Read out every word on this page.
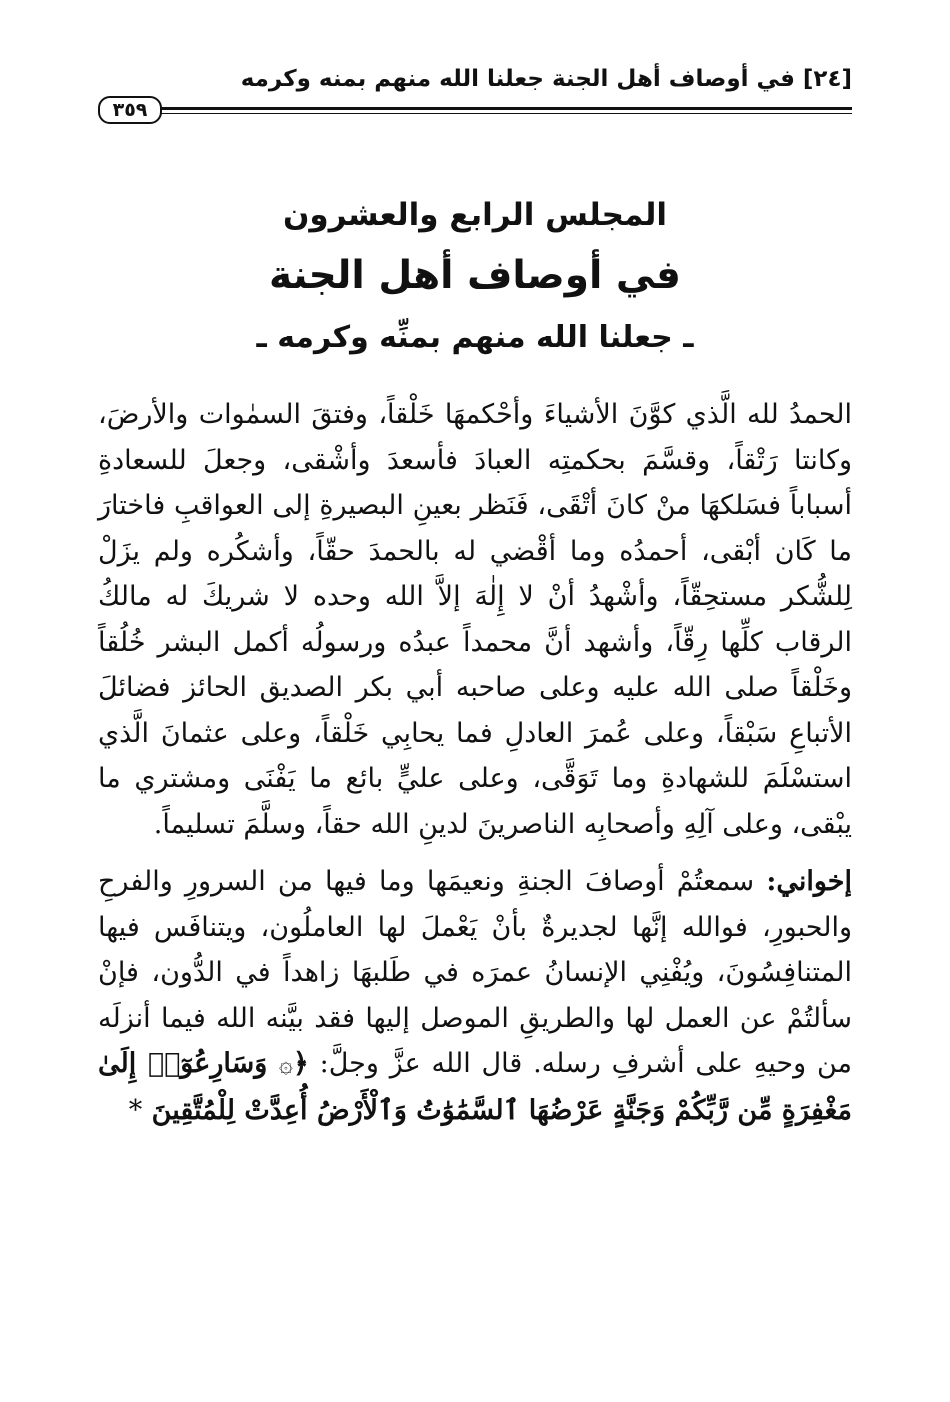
[٢٤] في أوصاف أهل الجنة جعلنا الله منهم بمنه وكرمه
٣٥٩
المجلس الرابع والعشرون
في أوصاف أهل الجنة
ـ جعلنا الله منهم بمنِّه وكرمه ـ

الحمدُ لله الَّذي كوَّنَ الأشياءَ وأحْكمهَا خَلْقاً، وفتقَ السمٰوات والأرضَ، وكانتا رَتْقاً، وقسَّمَ بحكمتِه العبادَ فأسعدَ وأشْقى، وجعلَ للسعادةِ أسباباً فسَلكهَا منْ كانَ أتْقَى، فَنَظر بعينِ البصيرةِ إلى العواقبِ فاختارَ ما كَان أبْقى، أحمدُه وما أقْضي له بالحمدَ حقّاً، وأشكُره ولم يزَلْ لِلشُّكر مستحِقّاً، وأشْهدُ أنْ لا إِلٰهَ إلاَّ الله وحده لا شريكَ له مالكُ الرقاب كلِّها رِقّاً، وأشهد أنَّ محمداً عبدُه ورسولُه أكمل البشر خُلُقاً وخَلْقاً صلى الله عليه وعلى صاحبه أبي بكر الصديق الحائز فضائلَ الأتباعِ سَبْقاً، وعلى عُمرَ العادلِ فما يحابِي خَلْقاً، وعلى عثمانَ الَّذي استسْلَمَ للشهادةِ وما تَوَقَّى، وعلى عليٍّ بائع ما يَفْنَى ومشتري ما يبْقى، وعلى آلِهِ وأصحابِه الناصرينَ لدينِ الله حقاً، وسلَّمَ تسليماً.

إخواني: سمعتُمْ أوصافَ الجنةِ ونعيمَها وما فيها من السرورِ والفرحِ والحبورِ، فوالله إنَّها لجديرةٌ بأنْ يَعْملَ لها العاملُون، ويتنافَس فيها المتنافِسُونَ، ويُفْنِي الإنسانُ عمرَه في طَلبهَا زاهداً في الدُّون، فإنْ سألتُمْ عن العمل لها والطريقِ الموصل إليها فقد بيَّنه الله فيما أنزلَه من وحيهِ على أشرفِ رسله. قال الله عزَّ وجلَّ: ﴿۞ وَسَارِعُوٓا۟ إِلَىٰ مَغْفِرَةٍ مِّن رَّبِّكُمْ وَجَنَّةٍ عَرْضُهَا ٱلسَّمَٰوَٰتُ وَٱلْأَرْضُ أُعِدَّتْ لِلْمُتَّقِينَ *
